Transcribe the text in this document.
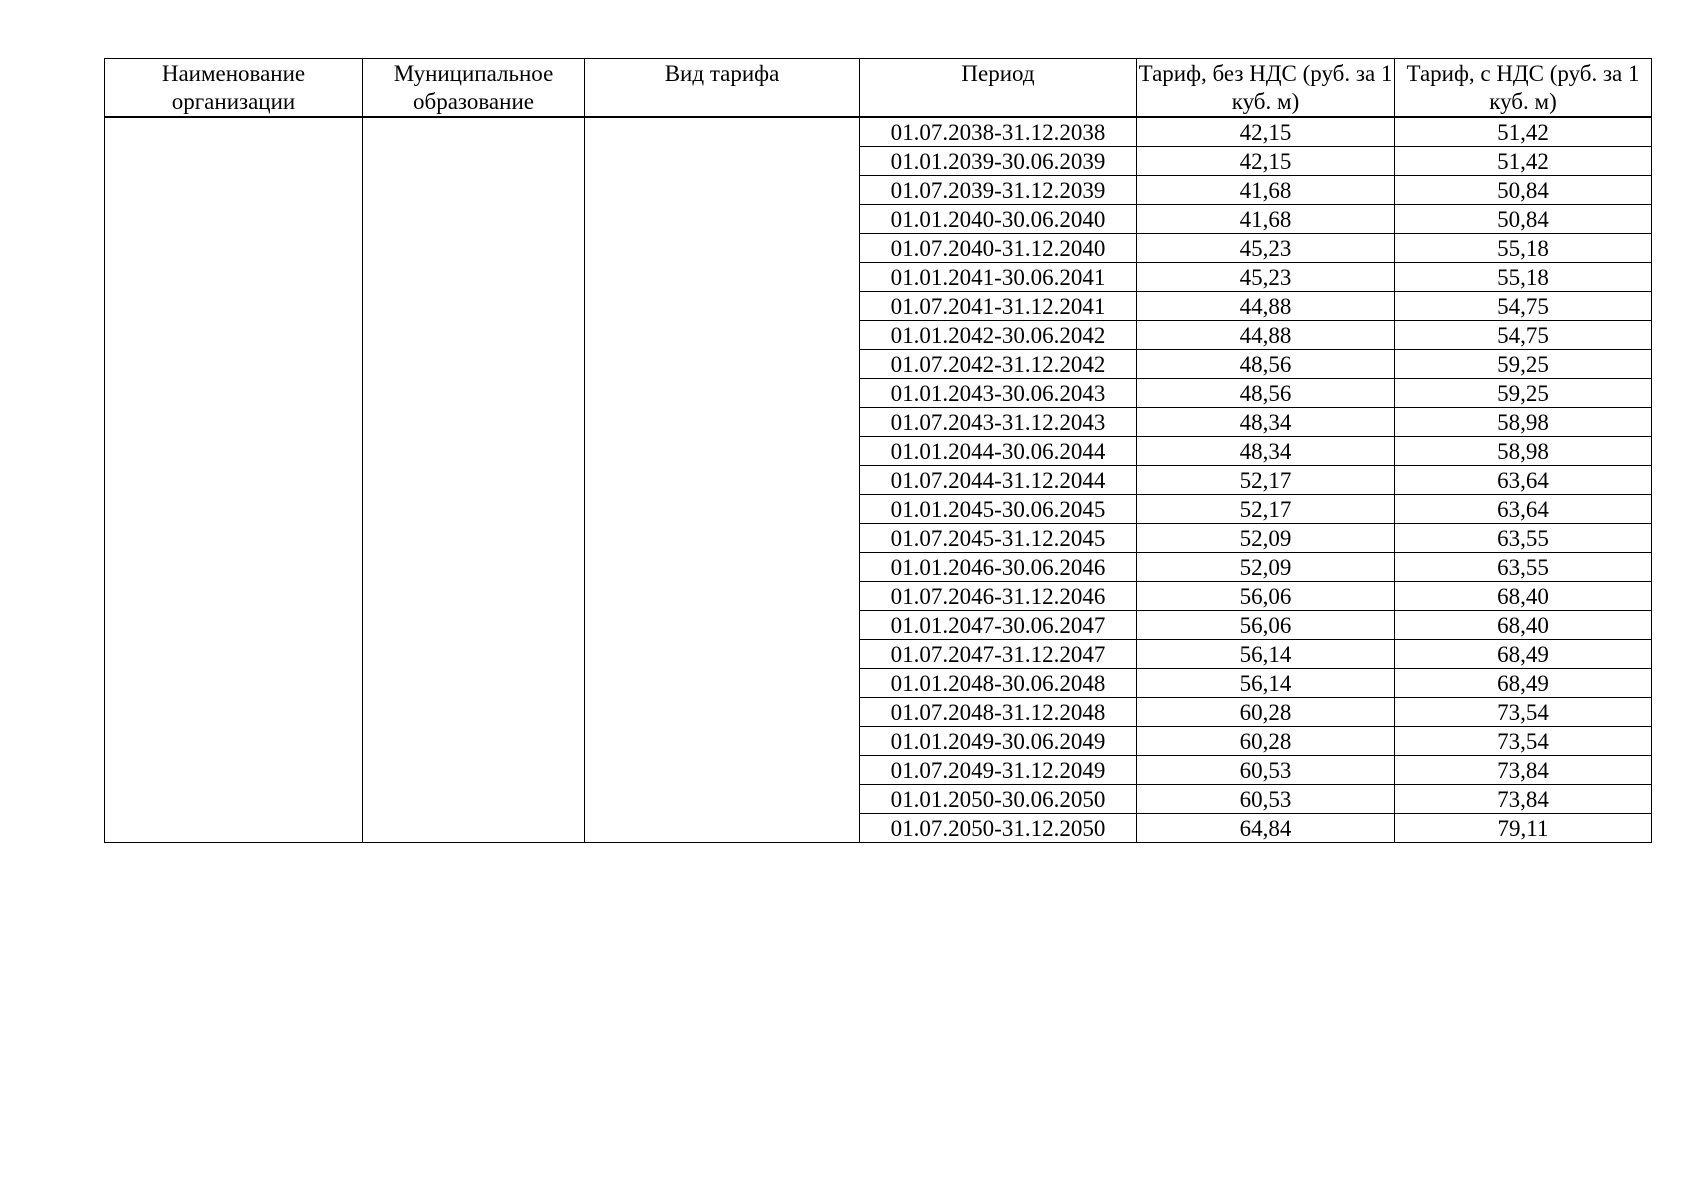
Наименование организации	Муниципальное образование	Вид тарифа	Период	Тариф, без НДС (руб. за 1 куб. м)	Тариф, с НДС (руб. за 1 куб. м)
			01.07.2038-31.12.2038	42,15	51,42
			01.01.2039-30.06.2039	42,15	51,42
			01.07.2039-31.12.2039	41,68	50,84
			01.01.2040-30.06.2040	41,68	50,84
			01.07.2040-31.12.2040	45,23	55,18
			01.01.2041-30.06.2041	45,23	55,18
			01.07.2041-31.12.2041	44,88	54,75
			01.01.2042-30.06.2042	44,88	54,75
			01.07.2042-31.12.2042	48,56	59,25
			01.01.2043-30.06.2043	48,56	59,25
			01.07.2043-31.12.2043	48,34	58,98
			01.01.2044-30.06.2044	48,34	58,98
			01.07.2044-31.12.2044	52,17	63,64
			01.01.2045-30.06.2045	52,17	63,64
			01.07.2045-31.12.2045	52,09	63,55
			01.01.2046-30.06.2046	52,09	63,55
			01.07.2046-31.12.2046	56,06	68,40
			01.01.2047-30.06.2047	56,06	68,40
			01.07.2047-31.12.2047	56,14	68,49
			01.01.2048-30.06.2048	56,14	68,49
			01.07.2048-31.12.2048	60,28	73,54
			01.01.2049-30.06.2049	60,28	73,54
			01.07.2049-31.12.2049	60,53	73,84
			01.01.2050-30.06.2050	60,53	73,84
			01.07.2050-31.12.2050	64,84	79,11
